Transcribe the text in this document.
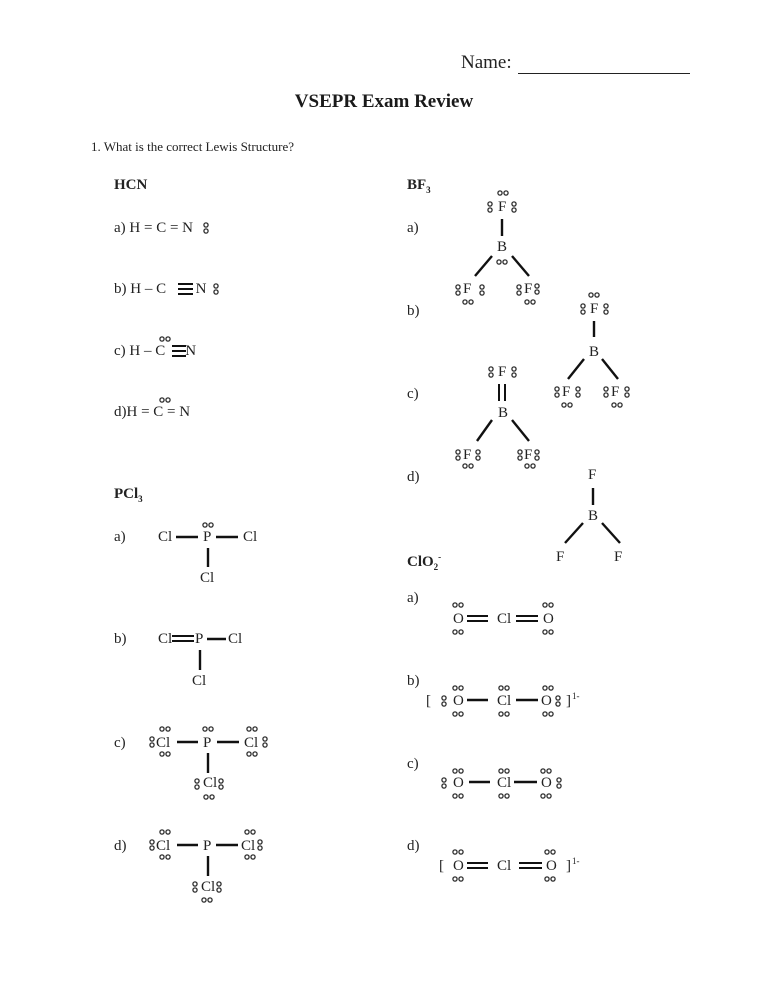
Name:
VSEPR Exam Review
1. What is the correct Lewis Structure?
HCN
a) H = C = N
b) H – C N
c) H – C N
d)H = C = N
PCl$_3$
a)
b)
c)
d)
Cl P Cl
Cl
Cl P Cl
Cl
Cl P Cl
Cl
Cl P Cl
Cl
$BF_3$
a)
b)
c)
d)
F
B
F	F
F
B
F	F
F
B
F	F
F
B
F	F
ClO$_2$-
a)
b)
c)
d)
O Cl O
[ O Cl O ] 1-
O Cl O
[ O Cl O ] 1-
